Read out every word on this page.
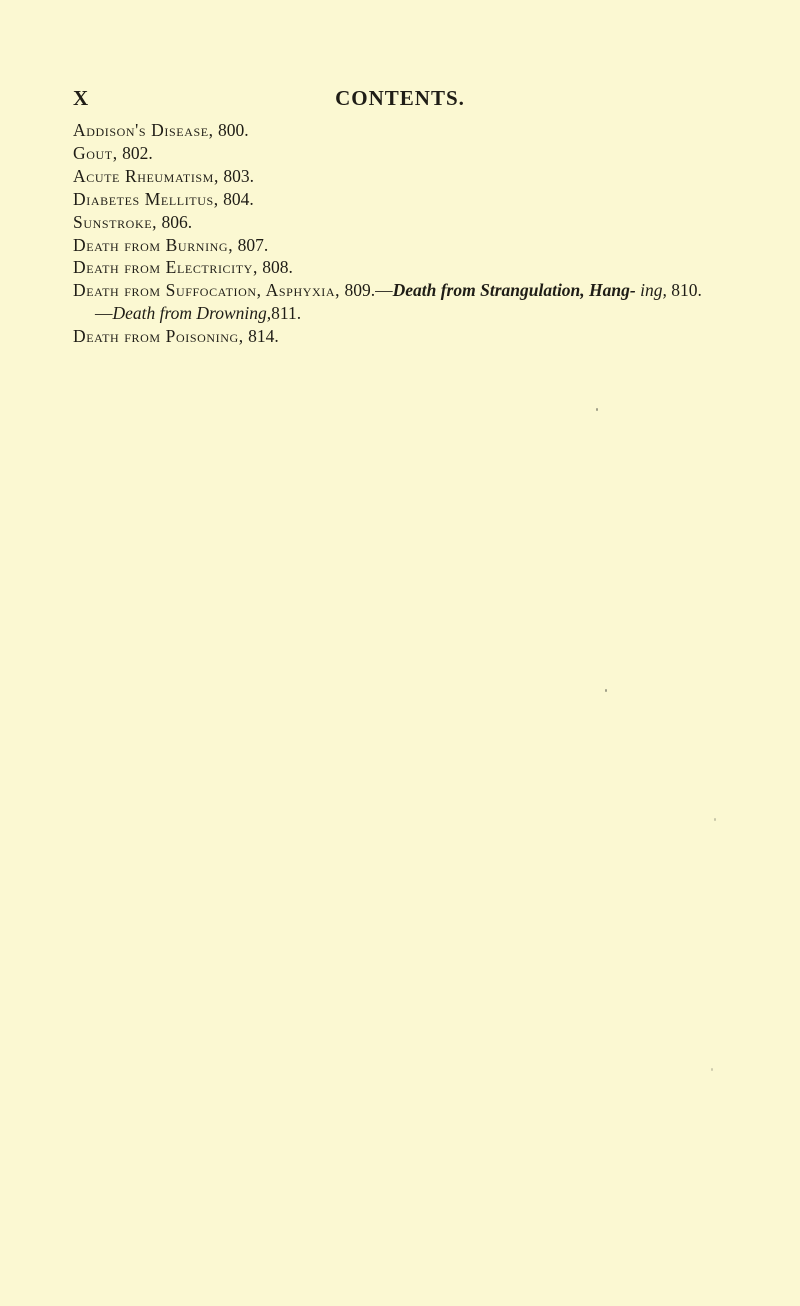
X	CONTENTS.
Addison's Disease, 800.
Gout, 802.
Acute Rheumatism, 803.
Diabetes Mellitus, 804.
Sunstroke, 806.
Death from Burning, 807.
Death from Electricity, 808.
Death from Suffocation, Asphyxia, 809.—Death from Strangulation, Hang- ing, 810.—Death from Drowning,811.
Death from Poisoning, 814.
